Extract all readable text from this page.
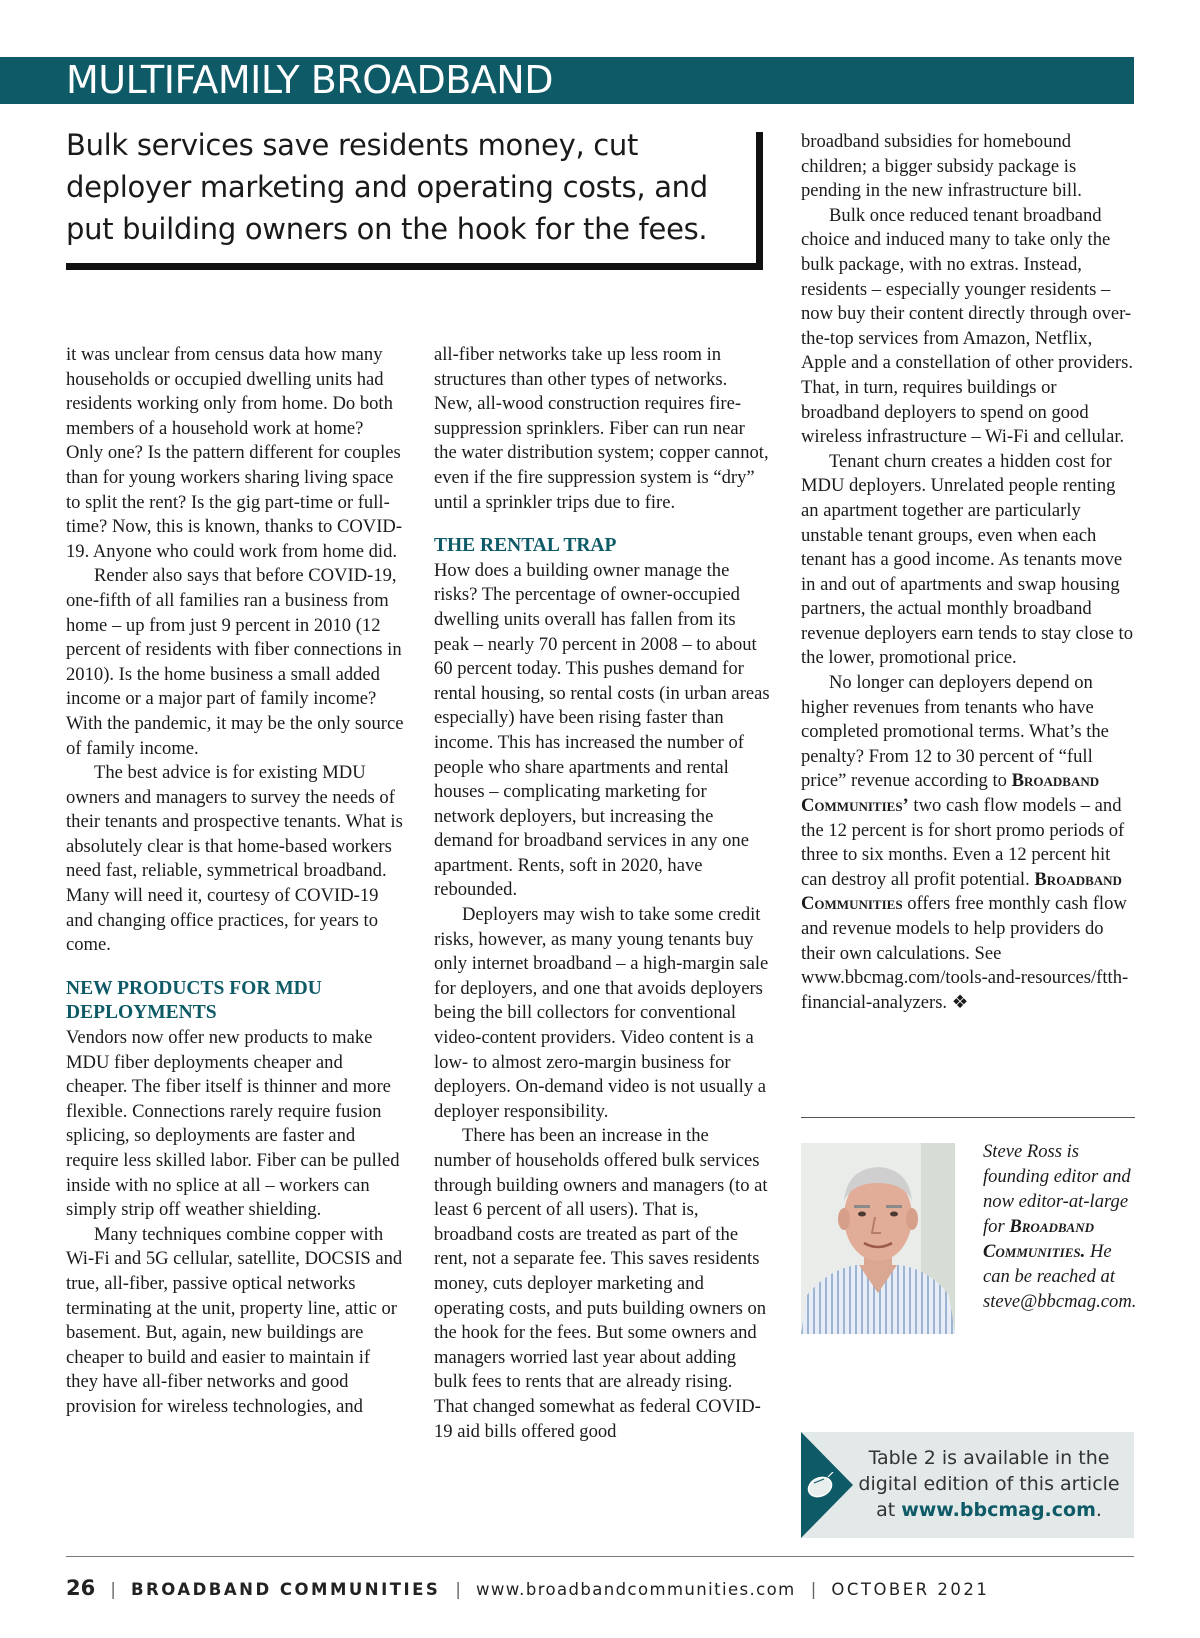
MULTIFAMILY BROADBAND
Bulk services save residents money, cut deployer marketing and operating costs, and put building owners on the hook for the fees.

it was unclear from census data how many households or occupied dwelling units had residents working only from home. Do both members of a household work at home? Only one? Is the pattern different for couples than for young workers sharing living space to split the rent? Is the gig part-time or full-time? Now, this is known, thanks to COVID-19. Anyone who could work from home did.

Render also says that before COVID-19, one-fifth of all families ran a business from home – up from just 9 percent in 2010 (12 percent of residents with fiber connections in 2010). Is the home business a small added income or a major part of family income? With the pandemic, it may be the only source of family income.

The best advice is for existing MDU owners and managers to survey the needs of their tenants and prospective tenants. What is absolutely clear is that home-based workers need fast, reliable, symmetrical broadband. Many will need it, courtesy of COVID-19 and changing office practices, for years to come.

NEW PRODUCTS FOR MDU DEPLOYMENTS

Vendors now offer new products to make MDU fiber deployments cheaper and cheaper. The fiber itself is thinner and more flexible. Connections rarely require fusion splicing, so deployments are faster and require less skilled labor. Fiber can be pulled inside with no splice at all – workers can simply strip off weather shielding.

Many techniques combine copper with Wi-Fi and 5G cellular, satellite, DOCSIS and true, all-fiber, passive optical networks terminating at the unit, property line, attic or basement. But, again, new buildings are cheaper to build and easier to maintain if they have all-fiber networks and good provision for wireless technologies, and

all-fiber networks take up less room in structures than other types of networks. New, all-wood construction requires fire-suppression sprinklers. Fiber can run near the water distribution system; copper cannot, even if the fire suppression system is “dry” until a sprinkler trips due to fire.

THE RENTAL TRAP

How does a building owner manage the risks? The percentage of owner-occupied dwelling units overall has fallen from its peak – nearly 70 percent in 2008 – to about 60 percent today. This pushes demand for rental housing, so rental costs (in urban areas especially) have been rising faster than income. This has increased the number of people who share apartments and rental houses – complicating marketing for network deployers, but increasing the demand for broadband services in any one apartment. Rents, soft in 2020, have rebounded.

Deployers may wish to take some credit risks, however, as many young tenants buy only internet broadband – a high-margin sale for deployers, and one that avoids deployers being the bill collectors for conventional video-content providers. Video content is a low- to almost zero-margin business for deployers. On-demand video is not usually a deployer responsibility.

There has been an increase in the number of households offered bulk services through building owners and managers (to at least 6 percent of all users). That is, broadband costs are treated as part of the rent, not a separate fee. This saves residents money, cuts deployer marketing and operating costs, and puts building owners on the hook for the fees. But some owners and managers worried last year about adding bulk fees to rents that are already rising. That changed somewhat as federal COVID-19 aid bills offered good

broadband subsidies for homebound children; a bigger subsidy package is pending in the new infrastructure bill.

Bulk once reduced tenant broadband choice and induced many to take only the bulk package, with no extras. Instead, residents – especially younger residents – now buy their content directly through over-the-top services from Amazon, Netflix, Apple and a constellation of other providers. That, in turn, requires buildings or broadband deployers to spend on good wireless infrastructure – Wi-Fi and cellular.

Tenant churn creates a hidden cost for MDU deployers. Unrelated people renting an apartment together are particularly unstable tenant groups, even when each tenant has a good income. As tenants move in and out of apartments and swap housing partners, the actual monthly broadband revenue deployers earn tends to stay close to the lower, promotional price.

No longer can deployers depend on higher revenues from tenants who have completed promotional terms. What’s the penalty? From 12 to 30 percent of “full price” revenue according to Broadband Communities’ two cash flow models – and the 12 percent is for short promo periods of three to six months. Even a 12 percent hit can destroy all profit potential. Broadband Communities offers free monthly cash flow and revenue models to help providers do their own calculations. See www.bbcmag.com/tools-and-resources/ftth-financial-analyzers. ❖

Steve Ross is founding editor and now editor-at-large for Broadband Communities. He can be reached at steve@bbcmag.com.

Table 2 is available in the digital edition of this article at www.bbcmag.com.
26 | BROADBAND COMMUNITIES | www.broadbandcommunities.com | OCTOBER 2021
